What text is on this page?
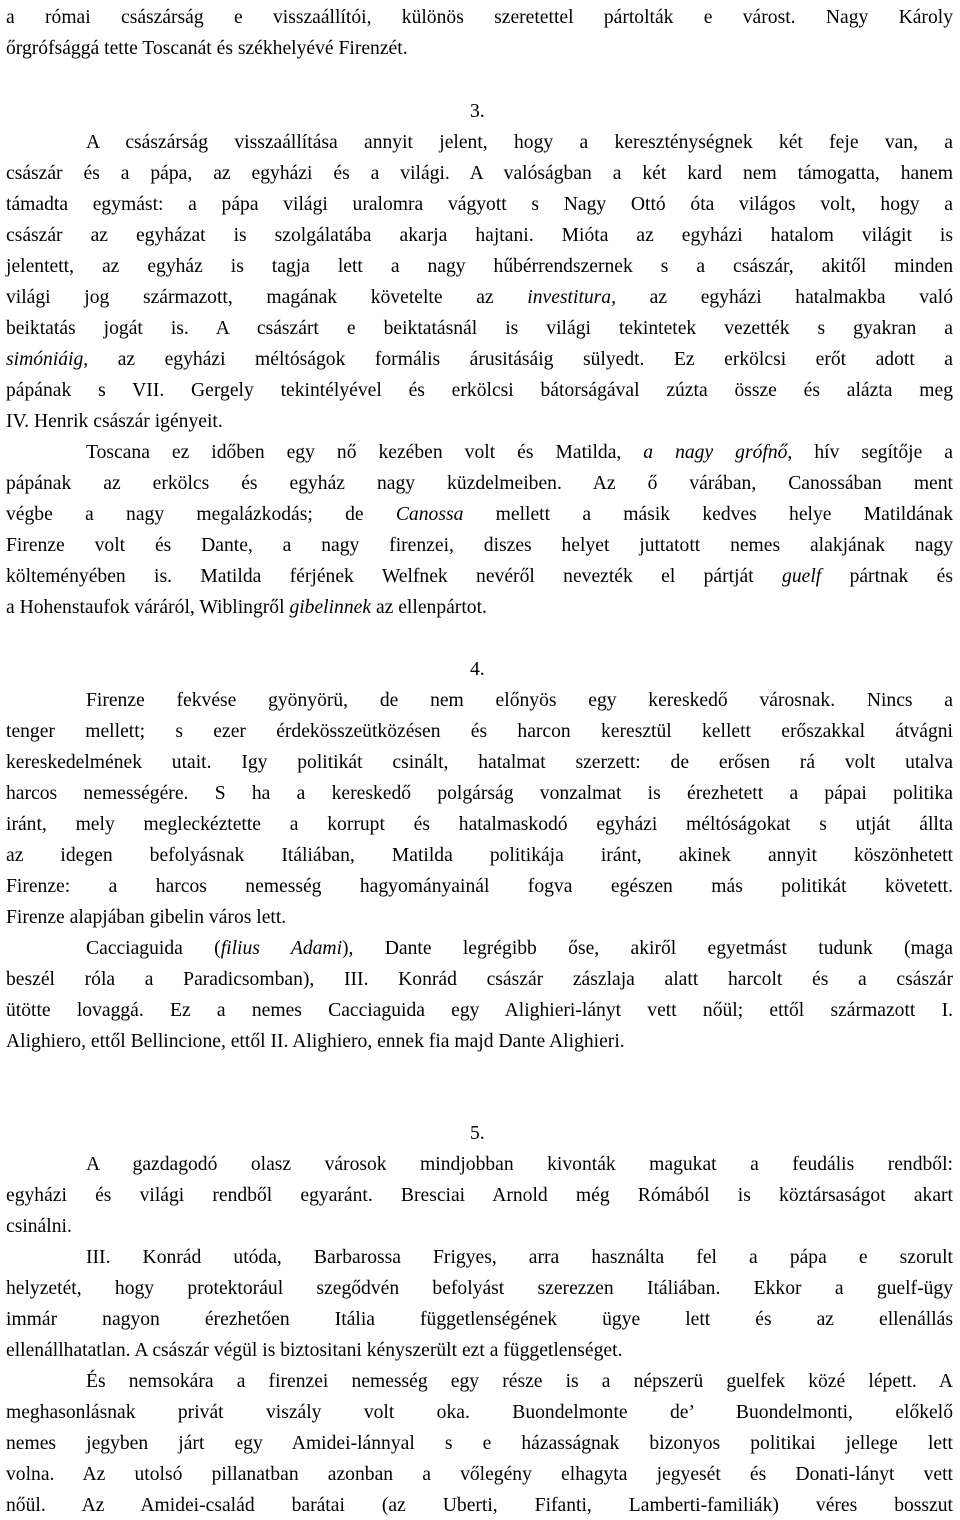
3.
4.
5.
a római császárság e visszaállítói, különös szeretettel pártolták e várost. Nagy Károly
őrgrófsággá tette Toscanát és székhelyévé Firenzét.
A császárság visszaállítása annyit jelent, hogy a kereszténységnek két feje van, a
császár és a pápa, az egyházi és a világi. A valóságban a két kard nem támogatta, hanem
támadta egymást: a pápa világi uralomra vágyott s Nagy Ottó óta világos volt, hogy a
császár az egyházat is szolgálatába akarja hajtani. Mióta az egyházi hatalom világit is
jelentett, az egyház is tagja lett a nagy hűbérrendszernek s a császár, akitől minden
világi jog származott, magának követelte az investitura, az egyházi hatalmakba való
beiktatás jogát is. A császárt e beiktatásnál is világi tekintetek vezették s gyakran a
simóniáig, az egyházi méltóságok formális árusitásáig sülyedt. Ez erkölcsi erőt adott a
pápának s VII. Gergely tekintélyével és erkölcsi bátorságával zúzta össze és alázta meg
IV. Henrik császár igényeit.
Toscana ez időben egy nő kezében volt és Matilda, a nagy grófnő, hív segítője a
pápának az erkölcs és egyház nagy küzdelmeiben. Az ő várában, Canossában ment
végbe a nagy megalázkodás; de Canossa mellett a másik kedves helye Matildának
Firenze volt és Dante, a nagy firenzei, diszes helyet juttatott nemes alakjának nagy
költeményében is. Matilda férjének Welfnek nevéről nevezték el pártját guelf pártnak és
a Hohenstaufok váráról, Wiblingről gibelinnek az ellenpártot.
Firenze fekvése gyönyörü, de nem előnyös egy kereskedő városnak. Nincs a
tenger mellett; s ezer érdekösszeütközésen és harcon keresztül kellett erőszakkal átvágni
kereskedelmének utait. Igy politikát csinált, hatalmat szerzett: de erősen rá volt utalva
harcos nemességére. S ha a kereskedő polgárság vonzalmat is érezhetett a pápai politika
iránt, mely megleckéztette a korrupt és hatalmaskodó egyházi méltóságokat s utját állta
az idegen befolyásnak Itáliában, Matilda politikája iránt, akinek annyit köszönhetett
Firenze: a harcos nemesség hagyományainál fogva egészen más politikát követett.
Firenze alapjában gibelin város lett.
Cacciaguida (filius Adami), Dante legrégibb őse, akiről egyetmást tudunk (maga
beszél róla a Paradicsomban), III. Konrád császár zászlaja alatt harcolt és a császár
ütötte lovaggá. Ez a nemes Cacciaguida egy Alighieri-lányt vett nőül; ettől származott I.
Alighiero, ettől Bellincione, ettől II. Alighiero, ennek fia majd Dante Alighieri.
A gazdagodó olasz városok mindjobban kivonták magukat a feudális rendből:
egyházi és világi rendből egyaránt. Bresciai Arnold még Rómából is köztársaságot akart
csinálni.
III. Konrád utóda, Barbarossa Frigyes, arra használta fel a pápa e szorult
helyzetét, hogy protektorául szegődvén befolyást szerezzen Itáliában. Ekkor a guelf-ügy
immár nagyon érezhetően Itália függetlenségének ügye lett és az ellenállás
ellenállhatatlan. A császár végül is biztositani kényszerült ezt a függetlenséget.
És nemsokára a firenzei nemesség egy része is a népszerü guelfek közé lépett. A
meghasonlásnak privát viszály volt oka. Buondelmonte de’ Buondelmonti, előkelő
nemes jegyben járt egy Amidei-lánnyal s e házasságnak bizonyos politikai jellege lett
volna. Az utolsó pillanatban azonban a vőlegény elhagyta jegyesét és Donati-lányt vett
nőül. Az Amidei-család barátai (az Uberti, Fifanti, Lamberti-familiák) véres bosszut
